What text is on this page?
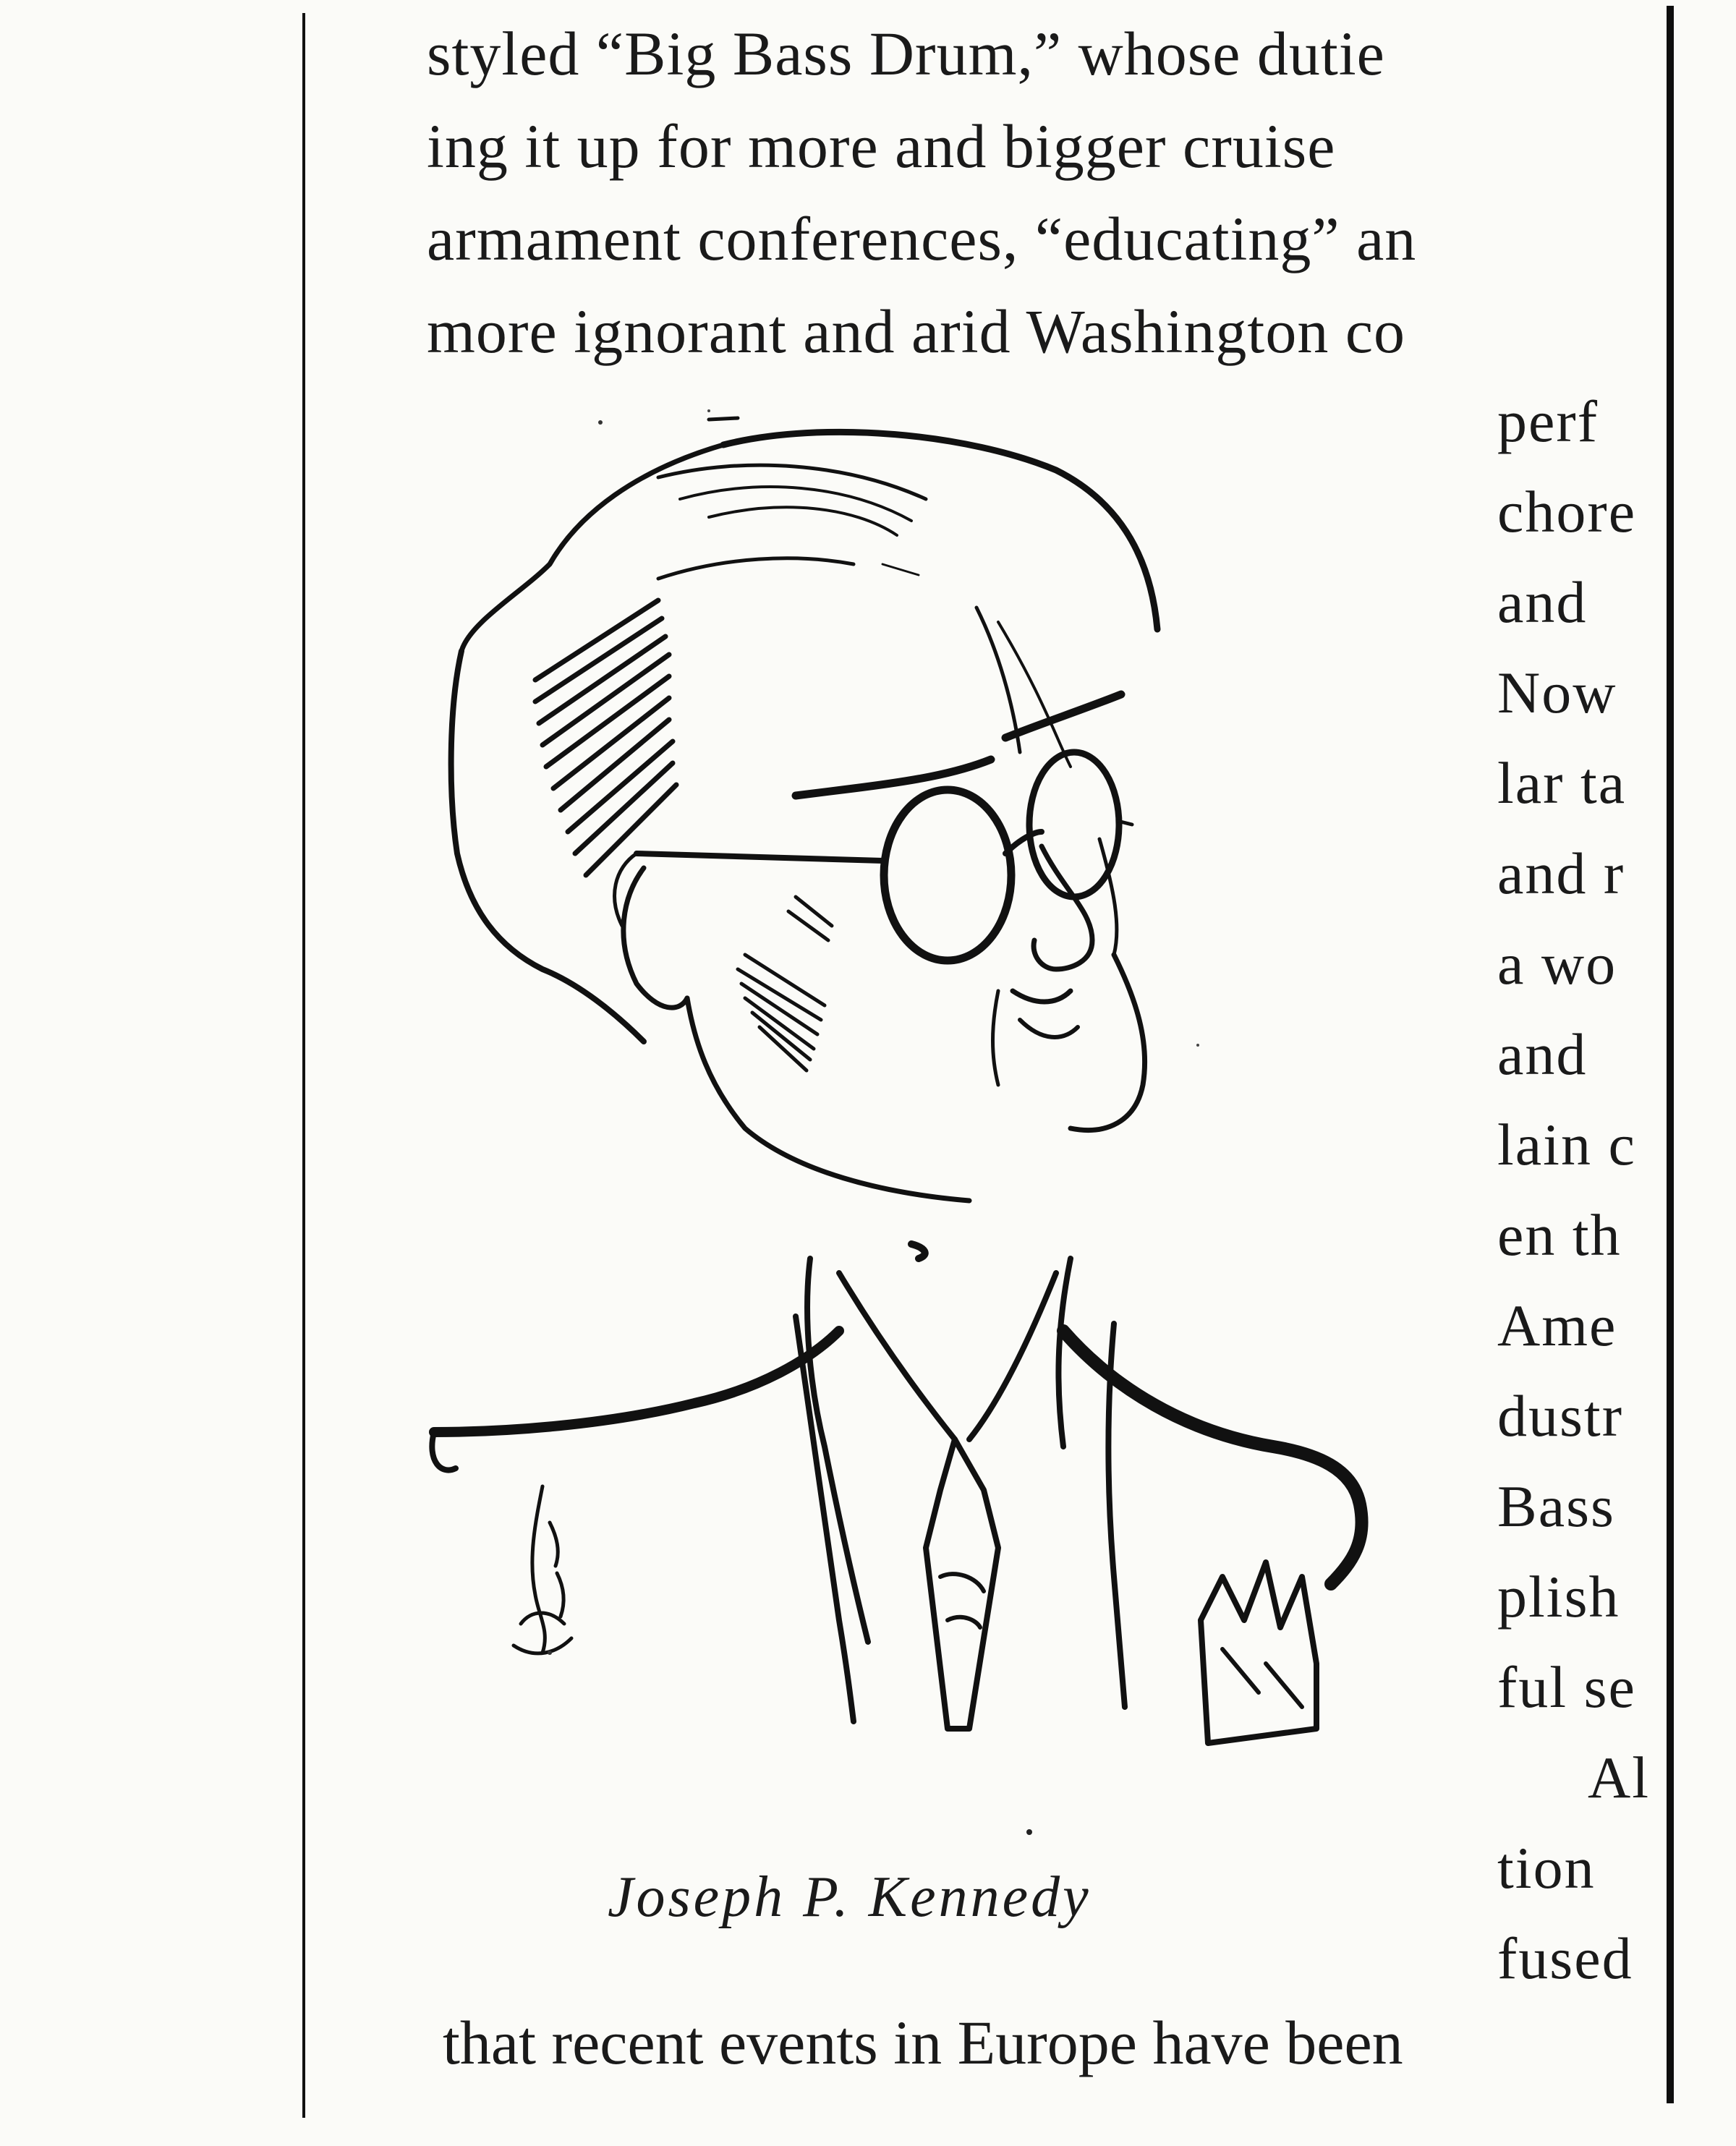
styled “Big Bass Drum,” whose dutie
ing it up for more and bigger cruise
armament conferences, “educating” an
more ignorant and arid Washington co
perf
chore
and
Now
lar ta
and r
a wo
and
lain c
en th
Ame
dustr
Bass
plish
ful se
Al
tion
fused
Joseph P. Kennedy
that recent events in Europe have been
